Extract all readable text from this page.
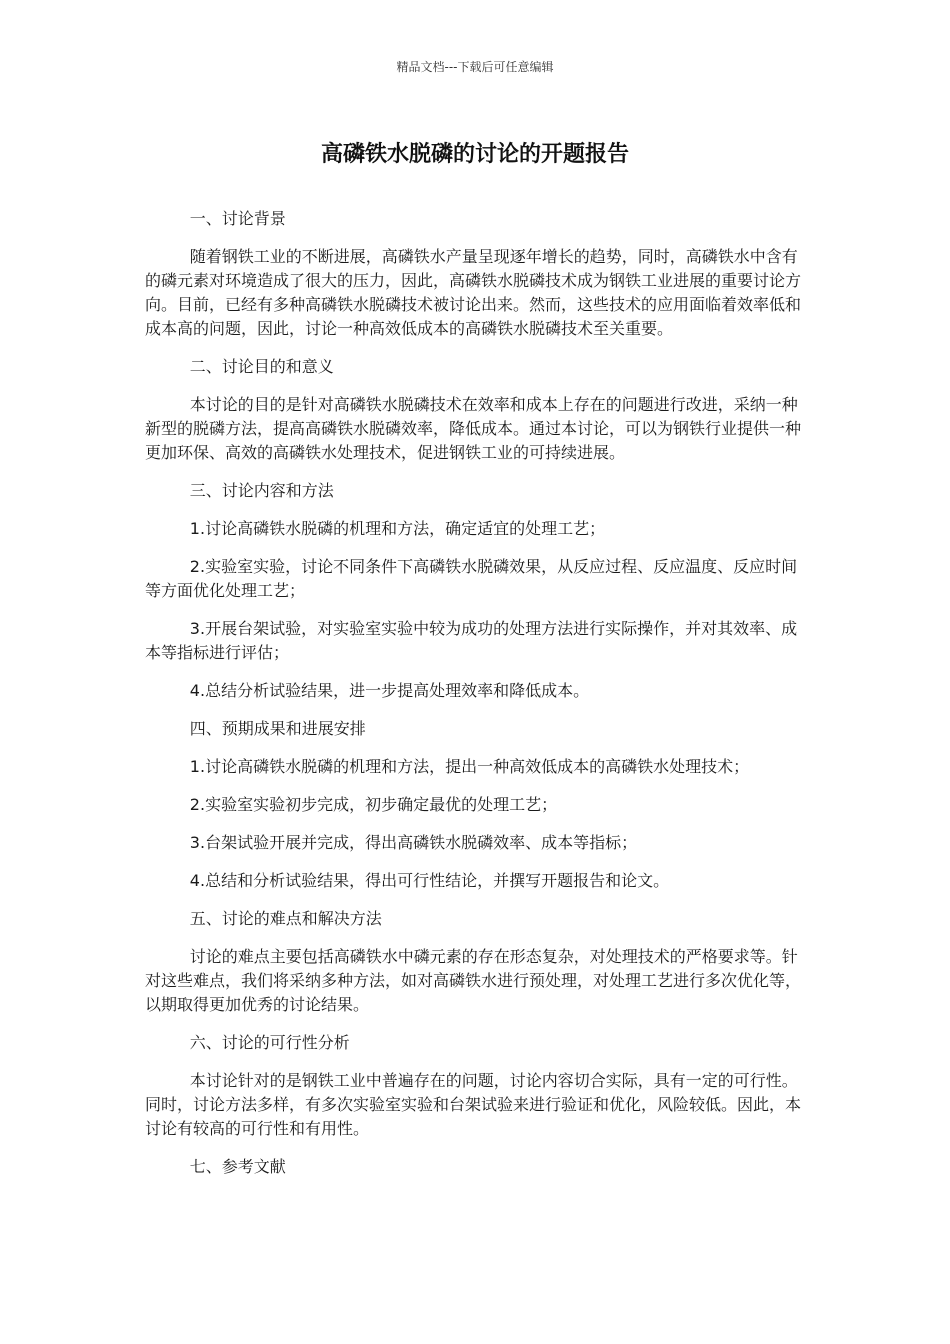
精品文档---下载后可任意编辑
高磷铁水脱磷的讨论的开题报告

一、讨论背景

随着钢铁工业的不断进展，高磷铁水产量呈现逐年增长的趋势，同时，高磷铁水中含有的磷元素对环境造成了很大的压力，因此，高磷铁水脱磷技术成为钢铁工业进展的重要讨论方向。目前，已经有多种高磷铁水脱磷技术被讨论出来。然而，这些技术的应用面临着效率低和成本高的问题，因此，讨论一种高效低成本的高磷铁水脱磷技术至关重要。

二、讨论目的和意义

本讨论的目的是针对高磷铁水脱磷技术在效率和成本上存在的问题进行改进，采纳一种新型的脱磷方法，提高高磷铁水脱磷效率，降低成本。通过本讨论，可以为钢铁行业提供一种更加环保、高效的高磷铁水处理技术，促进钢铁工业的可持续进展。

三、讨论内容和方法

1.讨论高磷铁水脱磷的机理和方法，确定适宜的处理工艺；

2.实验室实验，讨论不同条件下高磷铁水脱磷效果，从反应过程、反应温度、反应时间等方面优化处理工艺；

3.开展台架试验，对实验室实验中较为成功的处理方法进行实际操作，并对其效率、成本等指标进行评估；

4.总结分析试验结果，进一步提高处理效率和降低成本。

四、预期成果和进展安排

1.讨论高磷铁水脱磷的机理和方法，提出一种高效低成本的高磷铁水处理技术；

2.实验室实验初步完成，初步确定最优的处理工艺；

3.台架试验开展并完成，得出高磷铁水脱磷效率、成本等指标；

4.总结和分析试验结果，得出可行性结论，并撰写开题报告和论文。

五、讨论的难点和解决方法

讨论的难点主要包括高磷铁水中磷元素的存在形态复杂，对处理技术的严格要求等。针对这些难点，我们将采纳多种方法，如对高磷铁水进行预处理，对处理工艺进行多次优化等，以期取得更加优秀的讨论结果。

六、讨论的可行性分析

本讨论针对的是钢铁工业中普遍存在的问题，讨论内容切合实际，具有一定的可行性。同时，讨论方法多样，有多次实验室实验和台架试验来进行验证和优化，风险较低。因此，本讨论有较高的可行性和有用性。

七、参考文献
